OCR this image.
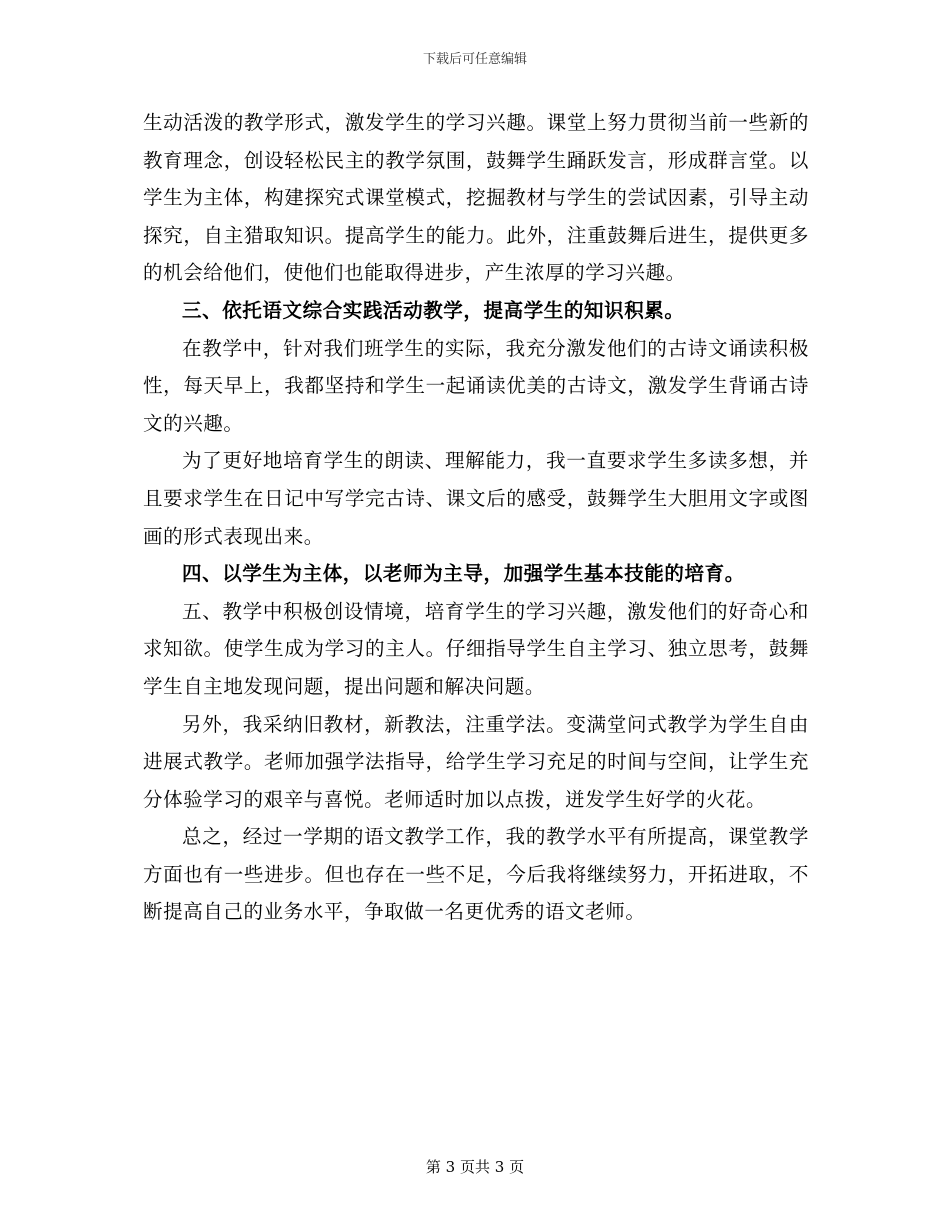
下载后可任意编辑

生动活泼的教学形式，激发学生的学习兴趣。课堂上努力贯彻当前一些新的教育理念，创设轻松民主的教学氛围，鼓舞学生踊跃发言，形成群言堂。以学生为主体，构建探究式课堂模式，挖掘教材与学生的尝试因素，引导主动探究，自主猎取知识。提高学生的能力。此外，注重鼓舞后进生，提供更多的机会给他们，使他们也能取得进步，产生浓厚的学习兴趣。

三、依托语文综合实践活动教学，提高学生的知识积累。

在教学中，针对我们班学生的实际，我充分激发他们的古诗文诵读积极性，每天早上，我都坚持和学生一起诵读优美的古诗文，激发学生背诵古诗文的兴趣。

为了更好地培育学生的朗读、理解能力，我一直要求学生多读多想，并且要求学生在日记中写学完古诗、课文后的感受，鼓舞学生大胆用文字或图画的形式表现出来。

四、以学生为主体，以老师为主导，加强学生基本技能的培育。

五、教学中积极创设情境，培育学生的学习兴趣，激发他们的好奇心和求知欲。使学生成为学习的主人。仔细指导学生自主学习、独立思考，鼓舞学生自主地发现问题，提出问题和解决问题。

另外，我采纳旧教材，新教法，注重学法。变满堂问式教学为学生自由进展式教学。老师加强学法指导，给学生学习充足的时间与空间，让学生充分体验学习的艰辛与喜悦。老师适时加以点拨，迸发学生好学的火花。

总之，经过一学期的语文教学工作，我的教学水平有所提高，课堂教学方面也有一些进步。但也存在一些不足，今后我将继续努力，开拓进取，不断提高自己的业务水平，争取做一名更优秀的语文老师。

第 3 页共 3 页
